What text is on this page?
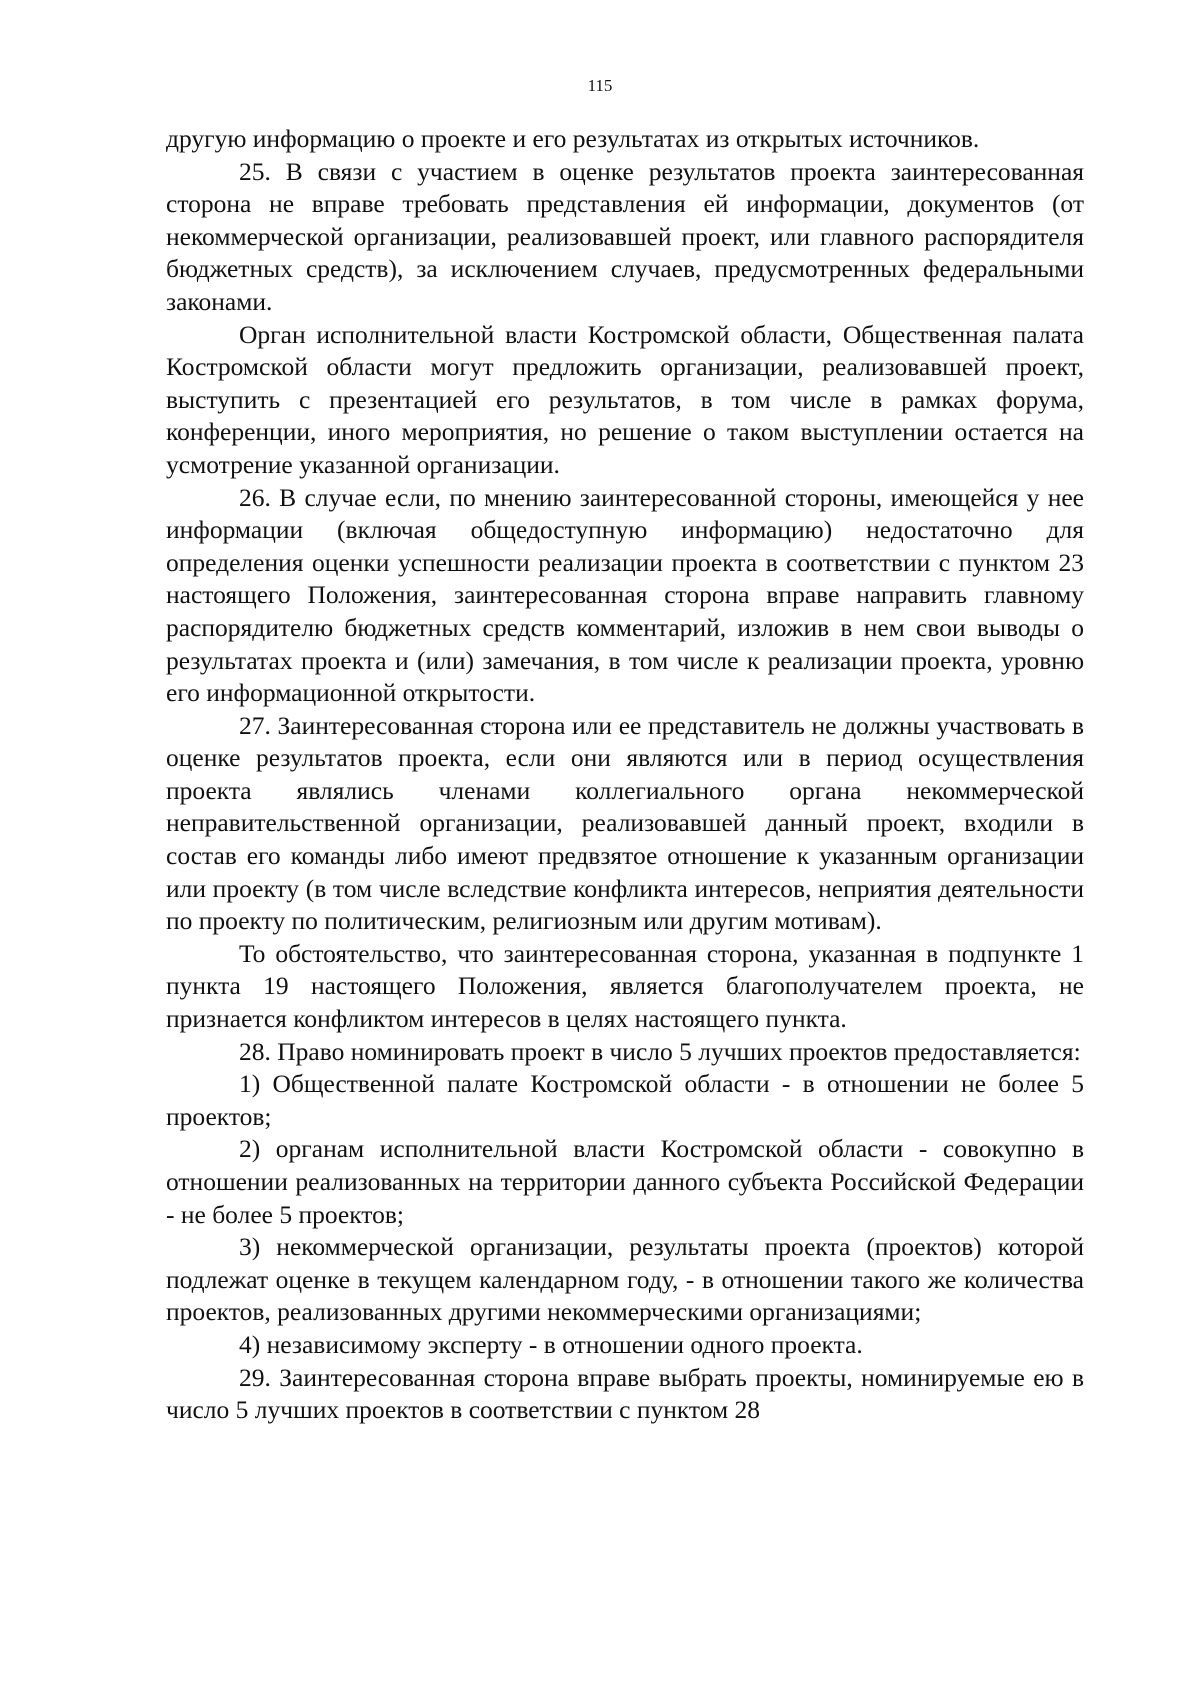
115

другую информацию о проекте и его результатах из открытых источников.

25. В связи с участием в оценке результатов проекта заинтересованная сторона не вправе требовать представления ей информации, документов (от некоммерческой организации, реализовавшей проект, или главного распорядителя бюджетных средств), за исключением случаев, предусмотренных федеральными законами.

Орган исполнительной власти Костромской области, Общественная палата Костромской области могут предложить организации, реализовавшей проект, выступить с презентацией его результатов, в том числе в рамках форума, конференции, иного мероприятия, но решение о таком выступлении остается на усмотрение указанной организации.

26. В случае если, по мнению заинтересованной стороны, имеющейся у нее информации (включая общедоступную информацию) недостаточно для определения оценки успешности реализации проекта в соответствии с пунктом 23 настоящего Положения, заинтересованная сторона вправе направить главному распорядителю бюджетных средств комментарий, изложив в нем свои выводы о результатах проекта и (или) замечания, в том числе к реализации проекта, уровню его информационной открытости.

27. Заинтересованная сторона или ее представитель не должны участвовать в оценке результатов проекта, если они являются или в период осуществления проекта являлись членами коллегиального органа некоммерческой неправительственной организации, реализовавшей данный проект, входили в состав его команды либо имеют предвзятое отношение к указанным организации или проекту (в том числе вследствие конфликта интересов, неприятия деятельности по проекту по политическим, религиозным или другим мотивам).

То обстоятельство, что заинтересованная сторона, указанная в подпункте 1 пункта 19 настоящего Положения, является благополучателем проекта, не признается конфликтом интересов в целях настоящего пункта.

28. Право номинировать проект в число 5 лучших проектов предоставляется:

1) Общественной палате Костромской области - в отношении не более 5 проектов;

2) органам исполнительной власти Костромской области - совокупно в отношении реализованных на территории данного субъекта Российской Федерации - не более 5 проектов;

3) некоммерческой организации, результаты проекта (проектов) которой подлежат оценке в текущем календарном году, - в отношении такого же количества проектов, реализованных другими некоммерческими организациями;

4) независимому эксперту - в отношении одного проекта.

29. Заинтересованная сторона вправе выбрать проекты, номинируемые ею в число 5 лучших проектов в соответствии с пунктом 28
